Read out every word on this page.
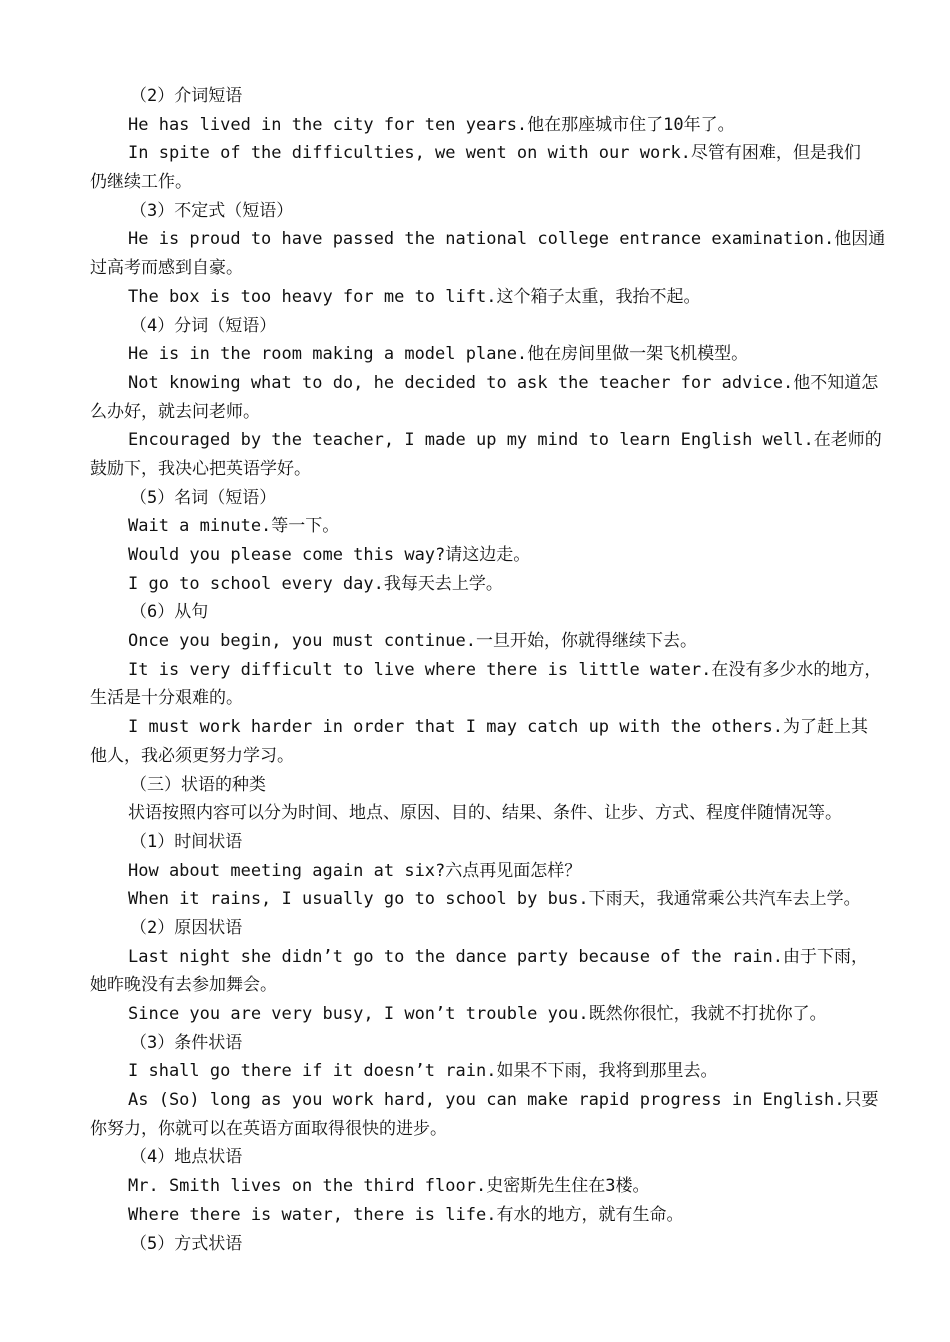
（2）介词短语
He has lived in the city for ten years.他在那座城市住了10年了。
In spite of the difficulties, we went on with our work.尽管有困难，但是我们
仍继续工作。
（3）不定式（短语）
He is proud to have passed the national college entrance examination.他因通
过高考而感到自豪。
The box is too heavy for me to lift.这个箱子太重，我抬不起。
（4）分词（短语）
He is in the room making a model plane.他在房间里做一架飞机模型。
Not knowing what to do, he decided to ask the teacher for advice.他不知道怎
么办好，就去问老师。
Encouraged by the teacher, I made up my mind to learn English well.在老师的
鼓励下，我决心把英语学好。
（5）名词（短语）
Wait a minute.等一下。
Would you please come this way?请这边走。
I go to school every day.我每天去上学。
（6）从句
Once you begin, you must continue.一旦开始，你就得继续下去。
It is very difficult to live where there is little water.在没有多少水的地方，
生活是十分艰难的。
I must work harder in order that I may catch up with the others.为了赶上其
他人，我必须更努力学习。
（三）状语的种类
状语按照内容可以分为时间、地点、原因、目的、结果、条件、让步、方式、程度伴随情况等。
（1）时间状语
How about meeting again at six?六点再见面怎样？
When it rains, I usually go to school by bus.下雨天，我通常乘公共汽车去上学。
（2）原因状语
Last night she didn’t go to the dance party because of the rain.由于下雨，
她昨晚没有去参加舞会。
Since you are very busy, I won’t trouble you.既然你很忙，我就不打扰你了。
（3）条件状语
I shall go there if it doesn’t rain.如果不下雨，我将到那里去。
As (So) long as you work hard, you can make rapid progress in English.只要
你努力，你就可以在英语方面取得很快的进步。
（4）地点状语
Mr. Smith lives on the third floor.史密斯先生住在3楼。
Where there is water, there is life.有水的地方，就有生命。
（5）方式状语
